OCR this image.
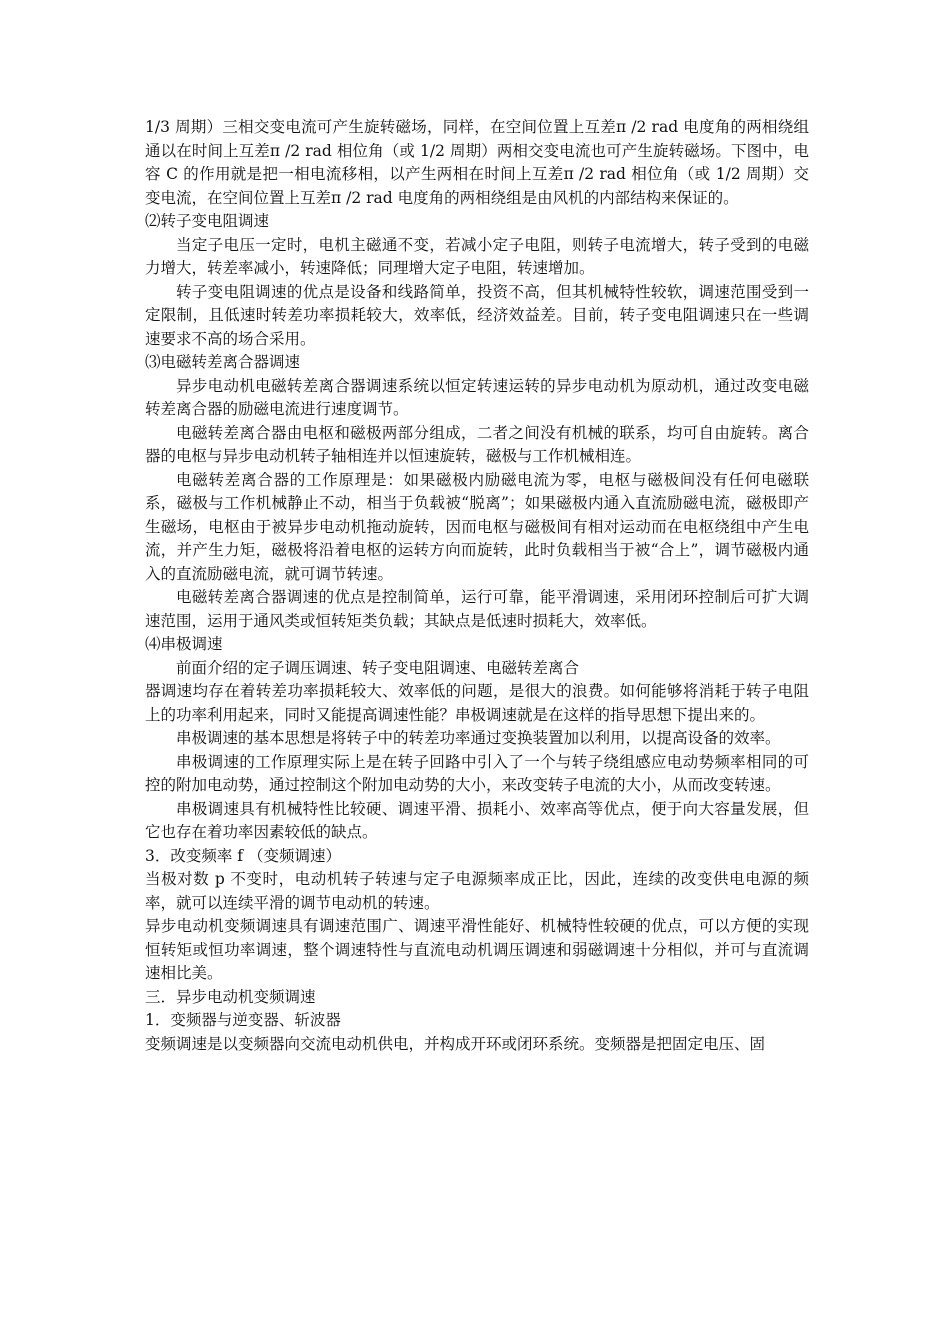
1/3 周期）三相交变电流可产生旋转磁场，同样，在空间位置上互差π /2 rad 电度角的两相绕组通以在时间上互差π /2 rad 相位角（或 1/2 周期）两相交变电流也可产生旋转磁场。下图中，电容 C 的作用就是把一相电流移相，以产生两相在时间上互差π /2 rad 相位角（或 1/2 周期）交变电流，在空间位置上互差π /2 rad 电度角的两相绕组是由风机的内部结构来保证的。

⑵转子变电阻调速

当定子电压一定时，电机主磁通不变，若减小定子电阻，则转子电流增大，转子受到的电磁力增大，转差率减小，转速降低；同理增大定子电阻，转速增加。

转子变电阻调速的优点是设备和线路简单，投资不高，但其机械特性较软，调速范围受到一定限制，且低速时转差功率损耗较大，效率低，经济效益差。目前，转子变电阻调速只在一些调速要求不高的场合采用。

⑶电磁转差离合器调速

异步电动机电磁转差离合器调速系统以恒定转速运转的异步电动机为原动机，通过改变电磁转差离合器的励磁电流进行速度调节。

电磁转差离合器由电枢和磁极两部分组成，二者之间没有机械的联系，均可自由旋转。离合器的电枢与异步电动机转子轴相连并以恒速旋转，磁极与工作机械相连。

电磁转差离合器的工作原理是：如果磁极内励磁电流为零，电枢与磁极间没有任何电磁联系，磁极与工作机械静止不动，相当于负载被“脱离”；如果磁极内通入直流励磁电流，磁极即产生磁场，电枢由于被异步电动机拖动旋转，因而电枢与磁极间有相对运动而在电枢绕组中产生电流，并产生力矩，磁极将沿着电枢的运转方向而旋转，此时负载相当于被“合上”，调节磁极内通入的直流励磁电流，就可调节转速。

电磁转差离合器调速的优点是控制简单，运行可靠，能平滑调速，采用闭环控制后可扩大调速范围，运用于通风类或恒转矩类负载；其缺点是低速时损耗大，效率低。

⑷串极调速

前面介绍的定子调压调速、转子变电阻调速、电磁转差离合

器调速均存在着转差功率损耗较大、效率低的问题，是很大的浪费。如何能够将消耗于转子电阻上的功率利用起来，同时又能提高调速性能？串极调速就是在这样的指导思想下提出来的。

串极调速的基本思想是将转子中的转差功率通过变换装置加以利用，以提高设备的效率。

串极调速的工作原理实际上是在转子回路中引入了一个与转子绕组感应电动势频率相同的可控的附加电动势，通过控制这个附加电动势的大小，来改变转子电流的大小，从而改变转速。

串极调速具有机械特性比较硬、调速平滑、损耗小、效率高等优点，便于向大容量发展，但它也存在着功率因素较低的缺点。

3．改变频率 f （变频调速）

当极对数 p 不变时，电动机转子转速与定子电源频率成正比，因此，连续的改变供电电源的频率，就可以连续平滑的调节电动机的转速。

异步电动机变频调速具有调速范围广、调速平滑性能好、机械特性较硬的优点，可以方便的实现恒转矩或恒功率调速，整个调速特性与直流电动机调压调速和弱磁调速十分相似，并可与直流调速相比美。

三．异步电动机变频调速

1．变频器与逆变器、斩波器

变频调速是以变频器向交流电动机供电，并构成开环或闭环系统。变频器是把固定电压、固
